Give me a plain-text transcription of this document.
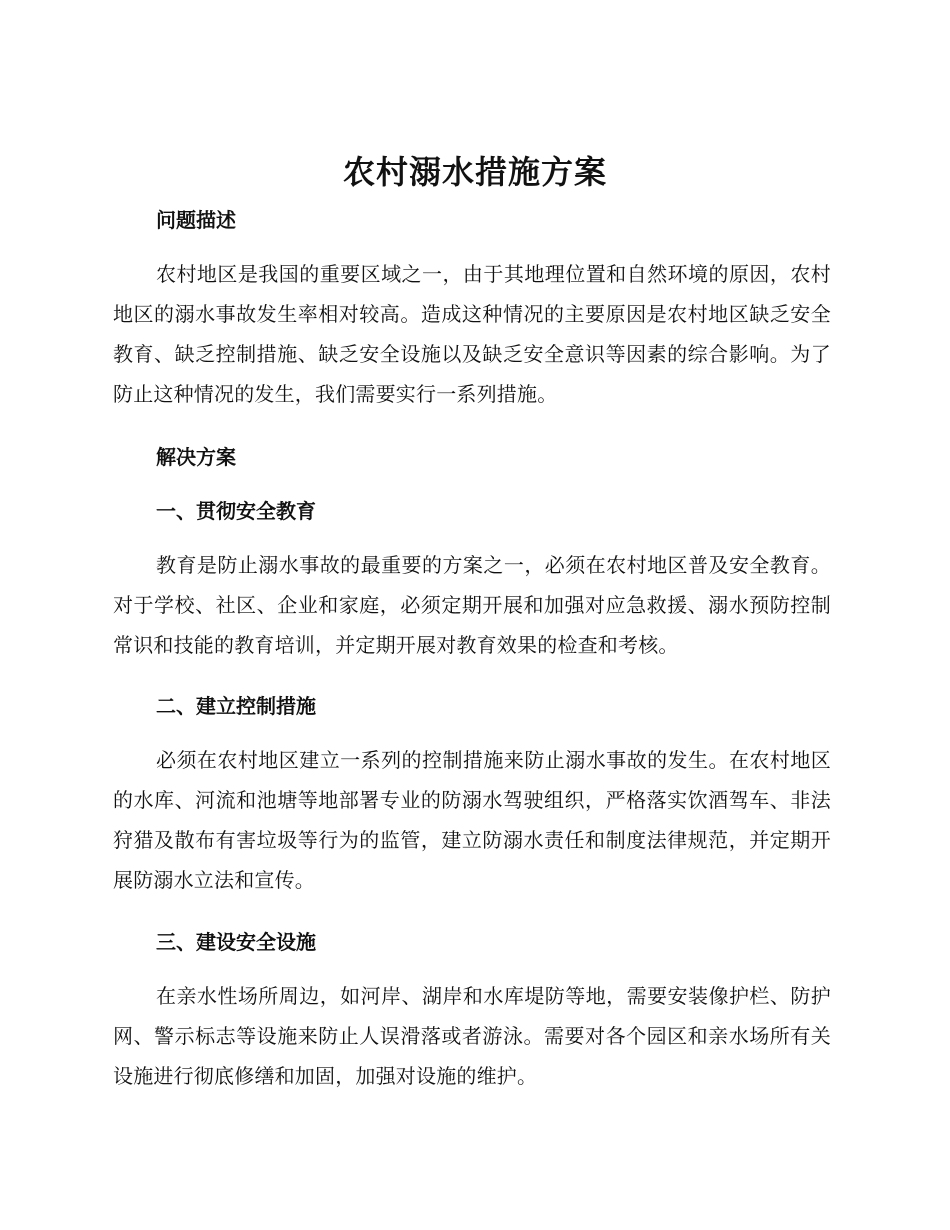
农村溺水措施方案
问题描述

农村地区是我国的重要区域之一，由于其地理位置和自然环境的原因，农村地区的溺水事故发生率相对较高。造成这种情况的主要原因是农村地区缺乏安全教育、缺乏控制措施、缺乏安全设施以及缺乏安全意识等因素的综合影响。为了防止这种情况的发生，我们需要实行一系列措施。

解决方案
一、贯彻安全教育

教育是防止溺水事故的最重要的方案之一，必须在农村地区普及安全教育。对于学校、社区、企业和家庭，必须定期开展和加强对应急救援、溺水预防控制常识和技能的教育培训，并定期开展对教育效果的检查和考核。

二、建立控制措施

必须在农村地区建立一系列的控制措施来防止溺水事故的发生。在农村地区的水库、河流和池塘等地部署专业的防溺水驾驶组织，严格落实饮酒驾车、非法狩猎及散布有害垃圾等行为的监管，建立防溺水责任和制度法律规范，并定期开展防溺水立法和宣传。

三、建设安全设施

在亲水性场所周边，如河岸、湖岸和水库堤防等地，需要安装像护栏、防护网、警示标志等设施来防止人误滑落或者游泳。需要对各个园区和亲水场所有关设施进行彻底修缮和加固，加强对设施的维护。
